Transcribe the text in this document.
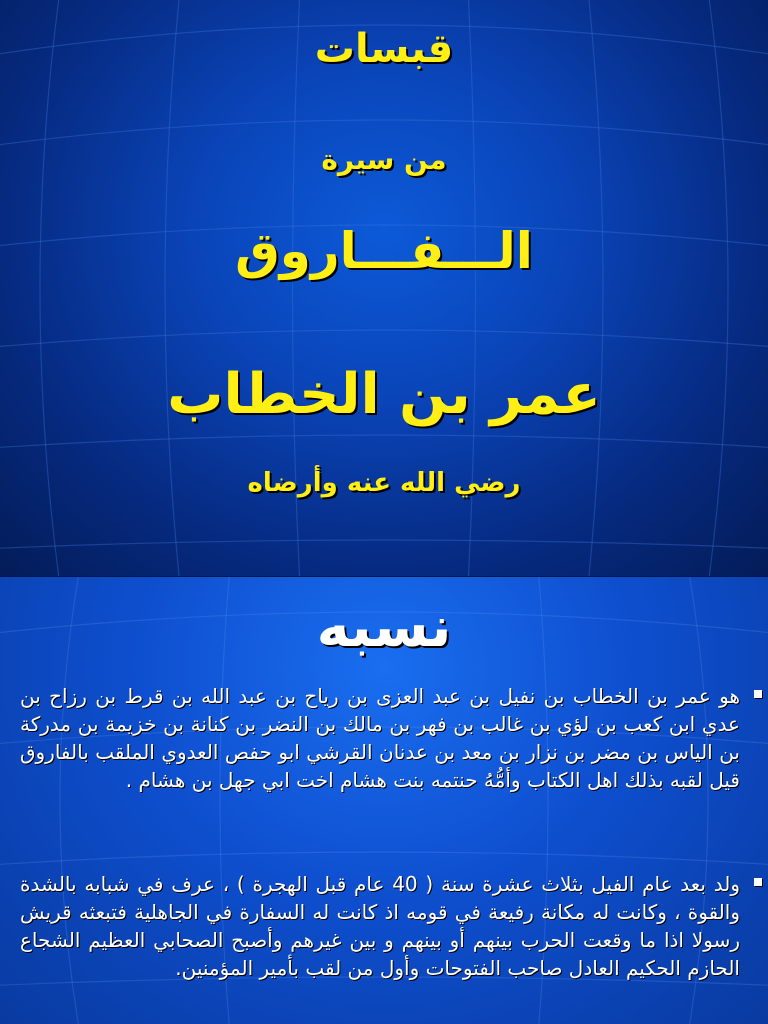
قبسات
من سيرة
الـــفـــاروق
عمر بن الخطاب
رضي الله عنه وأرضاه
نسبه
هو عمر بن الخطاب بن نفيل بن عبد العزى بن رياح بن عبد الله بن قرط بن رزاح بن عدي ابن كعب بن لؤي بن غالب بن فهر بن مالك بن النضر بن كنانة بن خزيمة بن مدركة بن الياس بن مضر بن نزار بن معد بن عدنان القرشي ابو حفص العدوي الملقب بالفاروق قيل لقبه بذلك اهل الكتاب وأمُّهُ حنتمه بنت هشام اخت ابي جهل بن هشام .
ولد بعد عام الفيل بثلاث عشرة سنة ( 40 عام قبل الهجرة ) ، عرف في شبابه بالشدة والقوة ، وكانت له مكانة رفيعة في قومه اذ كانت له السفارة في الجاهلية فتبعثه قريش رسولا اذا ما وقعت الحرب بينهم أو بينهم و بين غيرهم وأصبح الصحابي العظيم الشجاع الحازم الحكيم العادل صاحب الفتوحات وأول من لقب بأمير المؤمنين.
